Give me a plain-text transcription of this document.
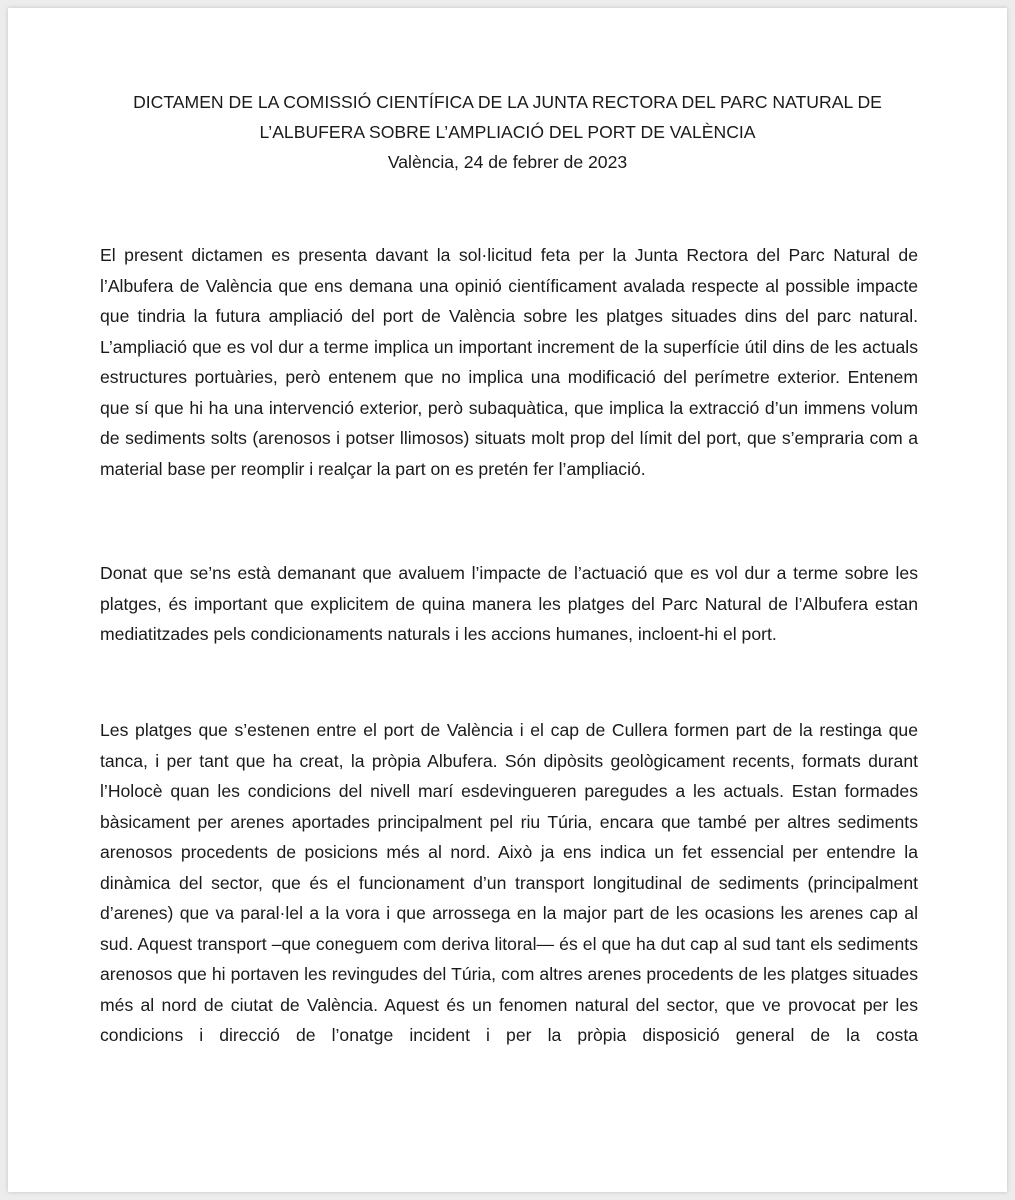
DICTAMEN DE LA COMISSIÓ CIENTÍFICA DE LA JUNTA RECTORA DEL PARC NATURAL DE
L’ALBUFERA SOBRE L’AMPLIACIÓ DEL PORT DE VALÈNCIA
València, 24 de febrer de 2023

El present dictamen es presenta davant la sol·licitud feta per la Junta Rectora del Parc Natural de l’Albufera de València que ens demana una opinió científicament avalada respecte al possible impacte que tindria la futura ampliació del port de València sobre les platges situades dins del parc natural. L’ampliació que es vol dur a terme implica un important increment de la superfície útil dins de les actuals estructures portuàries, però entenem que no implica una modificació del perímetre exterior. Entenem que sí que hi ha una intervenció exterior, però subaquàtica, que implica la extracció d’un immens volum de sediments solts (arenosos i potser llimosos) situats molt prop del límit del port, que s’empraria com a material base per reomplir i realçar la part on es pretén fer l’ampliació.

Donat que se’ns està demanant que avaluem l’impacte de l’actuació que es vol dur a terme sobre les platges, és important que explicitem de quina manera les platges del Parc Natural de l’Albufera estan mediatitzades pels condicionaments naturals i les accions humanes, incloent-hi el port.

Les platges que s’estenen entre el port de València i el cap de Cullera formen part de la restinga que tanca, i per tant que ha creat, la pròpia Albufera. Són dipòsits geològicament recents, formats durant l’Holocè quan les condicions del nivell marí esdevingueren paregudes a les actuals. Estan formades bàsicament per arenes aportades principalment pel riu Túria, encara que també per altres sediments arenosos procedents de posicions més al nord. Això ja ens indica un fet essencial per entendre la dinàmica del sector, que és el funcionament d’un transport longitudinal de sediments (principalment d’arenes) que va paral·lel a la vora i que arrossega en la major part de les ocasions les arenes cap al sud. Aquest transport –que coneguem com deriva litoral— és el que ha dut cap al sud tant els sediments arenosos que hi portaven les revingudes del Túria, com altres arenes procedents de les platges situades més al nord de ciutat de València. Aquest és un fenomen natural del sector, que ve provocat per les condicions i direcció de l’onatge incident i per la pròpia disposició general de la costa
